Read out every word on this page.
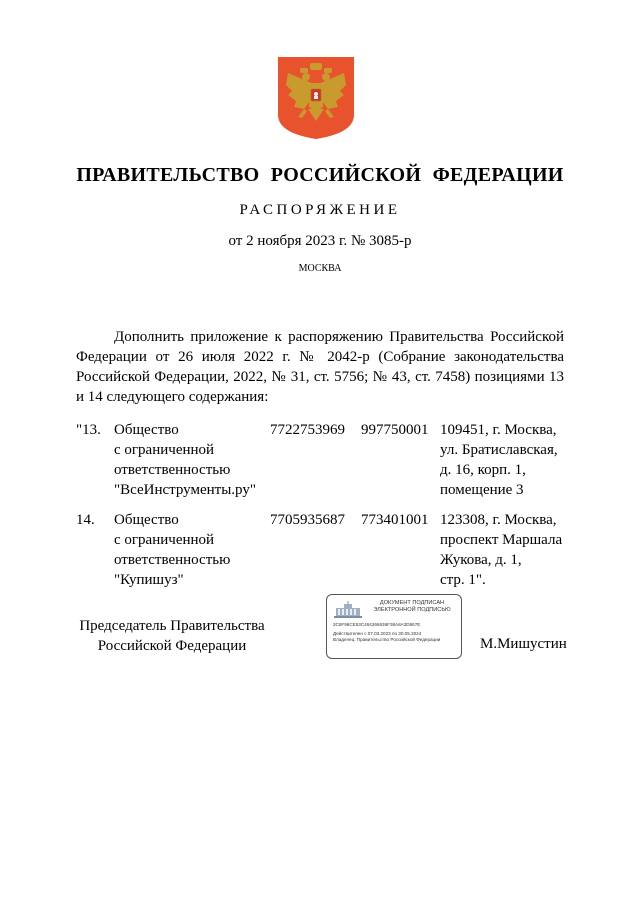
ПРАВИТЕЛЬСТВО РОССИЙСКОЙ ФЕДЕРАЦИИ
РАСПОРЯЖЕНИЕ
от 2 ноября 2023 г. № 3085-р
МОСКВА

Дополнить приложение к распоряжению Правительства Российской Федерации от 26 июля 2022 г. № 2042-р (Собрание законодательства Российской Федерации, 2022, № 31, ст. 5756; № 43, ст. 7458) позициями 13 и 14 следующего содержания:

"13. Общество
с ограниченной
ответственностью
"ВсеИнструменты.ру"
7722753969	997750001 109451, г. Москва,
ул. Братиславская,
д. 16, корп. 1,
помещение 3
14.	Общество
с ограниченной
ответственностью
"Купишуз"
7705935687	773401001 123308, г. Москва,
проспект Маршала
Жукова, д. 1,
стр. 1".
Председатель Правительства
Российской Федерации
ДОКУМЕНТ ПОДПИСАН
ЭЛЕКТРОННОЙ ПОДПИСЬЮ
2C6F96CE53C464266636F38A8A3D867E
Действителен с 07.03.2023 по 30.05.2024
Владелец: Правительство Российской Федерации	М.Мишустин
